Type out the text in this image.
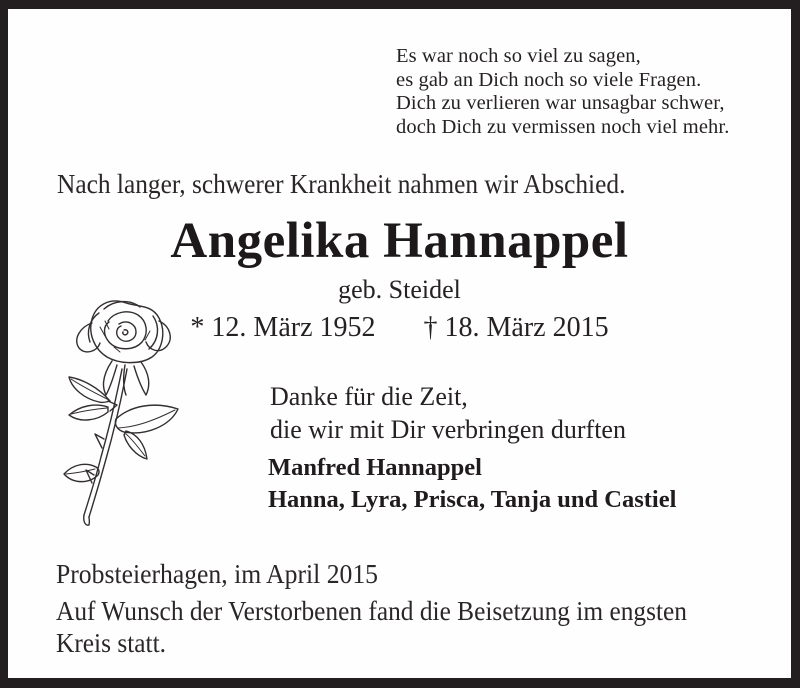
Es war noch so viel zu sagen,
es gab an Dich noch so viele Fragen.
Dich zu verlieren war unsagbar schwer,
doch Dich zu vermissen noch viel mehr.
Nach langer, schwerer Krankheit nahmen wir Abschied.
Angelika Hannappel
geb. Steidel
* 12. März 1952 † 18. März 2015
Danke für die Zeit,
die wir mit Dir verbringen durften
Manfred Hannappel
Hanna, Lyra, Prisca, Tanja und Castiel
Probsteierhagen, im April 2015
Auf Wunsch der Verstorbenen fand die Beisetzung im engsten
Kreis statt.
